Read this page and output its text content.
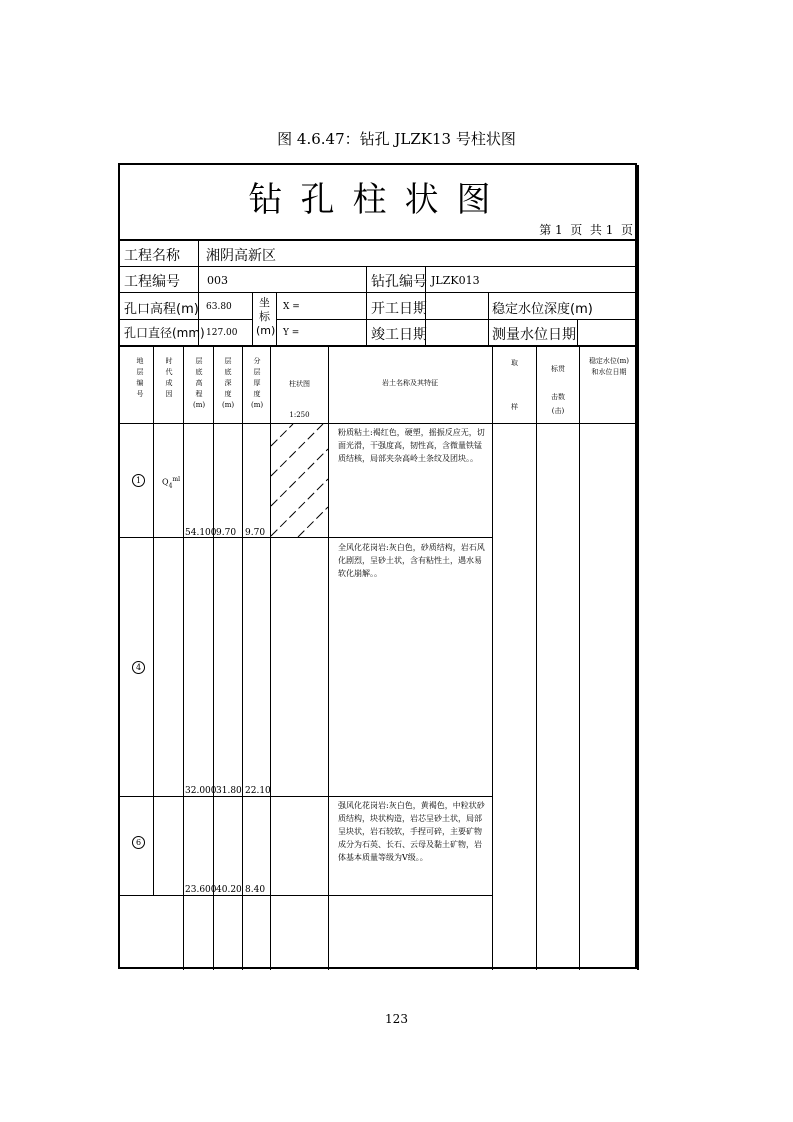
图 4.6.47：钻孔 JLZK13 号柱状图
钻孔柱状图
第 1  页  共 1  页
工程名称 湘阴高新区
工程编号 003	钻孔编号 JLZK013
孔口高程(m) 63.80
孔口直径(mm) 127.00
坐标(m)
X =
Y =
开工日期
竣工日期
稳定水位深度(m)
测量水位日期
地层编号
时代成因
层底高程(m)
层底深度(m)
分层厚度(m)
柱状图
1:250
岩土名称及其特征
取
样
标贯
击数
(击)
稳定水位(m)和水位日期
1	$Q_4^{ml}$
54.100 9.70 9.70
粉质粘土:褐红色，硬塑，摇振反应无，切面光滑，干强度高，韧性高，含微量铁锰质结核，局部夹杂高岭土条纹及团块。。
4
32.000 31.80 22.10
全风化花岗岩:灰白色，砂质结构，岩石风化剧烈，呈砂土状，含有粘性土，遇水易软化崩解。。
6
23.600 40.20 8.40
强风化花岗岩:灰白色，黄褐色，中粒状砂质结构，块状构造，岩芯呈砂土状，局部呈块状，岩石较软，手捏可碎，主要矿物成分为石英、长石、云母及黏土矿物，岩体基本质量等级为V级。。
123
